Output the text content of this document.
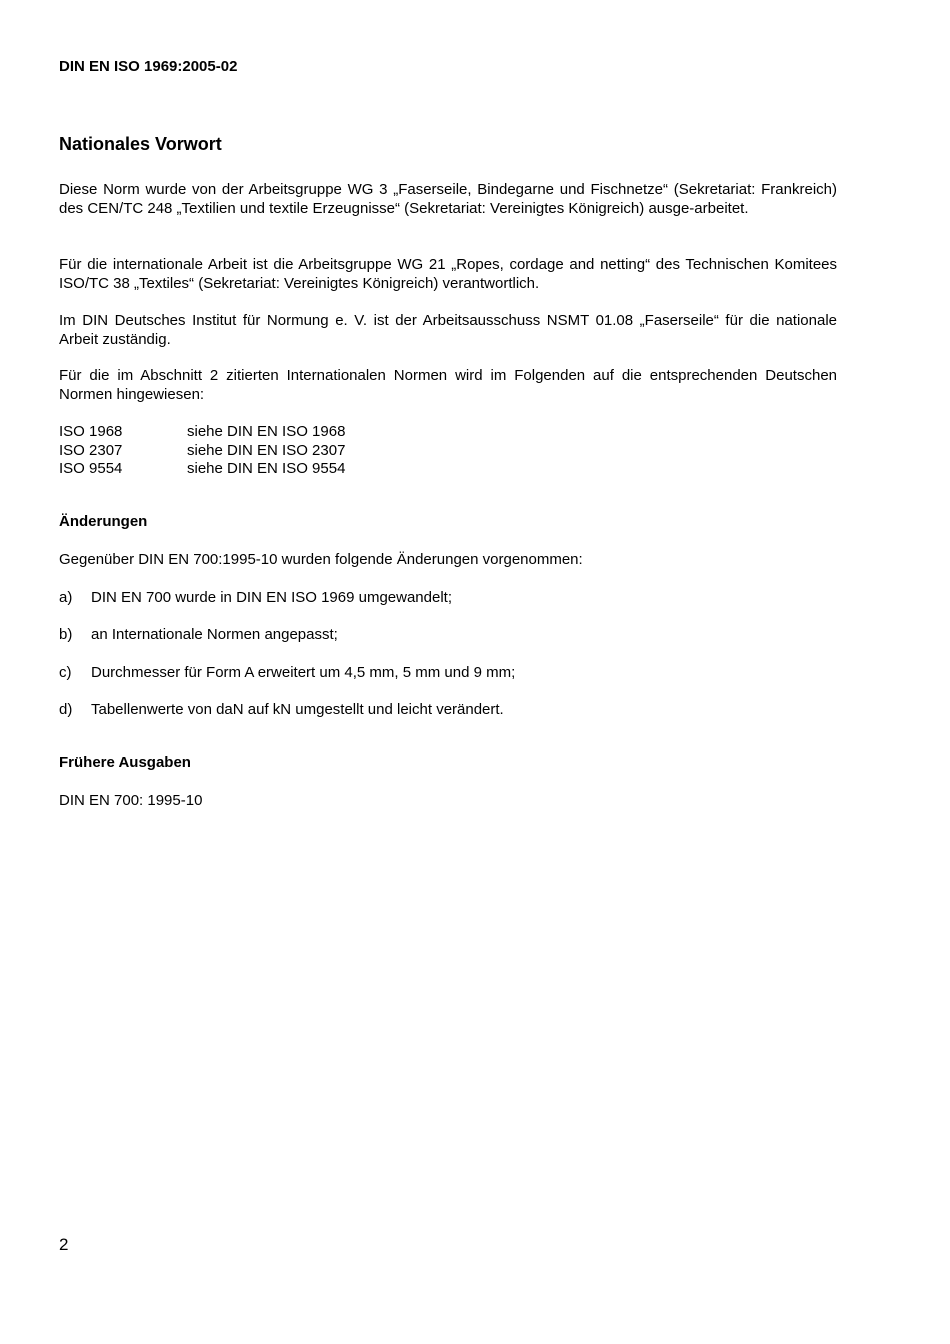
DIN EN ISO 1969:2005-02
Nationales Vorwort

Diese Norm wurde von der Arbeitsgruppe WG 3 „Faserseile, Bindegarne und Fischnetze“ (Sekretariat: Frankreich) des CEN/TC 248 „Textilien und textile Erzeugnisse“ (Sekretariat: Vereinigtes Königreich) ausge-arbeitet.

Für die internationale Arbeit ist die Arbeitsgruppe WG 21 „Ropes, cordage and netting“ des Technischen Komitees ISO/TC 38 „Textiles“ (Sekretariat: Vereinigtes Königreich) verantwortlich.

Im DIN Deutsches Institut für Normung e. V. ist der Arbeitsausschuss NSMT 01.08 „Faserseile“ für die nationale Arbeit zuständig.

Für die im Abschnitt 2 zitierten Internationalen Normen wird im Folgenden auf die entsprechenden Deutschen Normen hingewiesen:

ISO 1968	siehe DIN EN ISO 1968
ISO 2307	siehe DIN EN ISO 2307
ISO 9554	siehe DIN EN ISO 9554
Änderungen
Gegenüber DIN EN 700:1995-10 wurden folgende Änderungen vorgenommen:
a)	DIN EN 700 wurde in DIN EN ISO 1969 umgewandelt;
b)	an Internationale Normen angepasst;
c)	Durchmesser für Form A erweitert um 4,5 mm, 5 mm und 9 mm;
d)	Tabellenwerte von daN auf kN umgestellt und leicht verändert.
Frühere Ausgaben
DIN EN 700: 1995-10
2
